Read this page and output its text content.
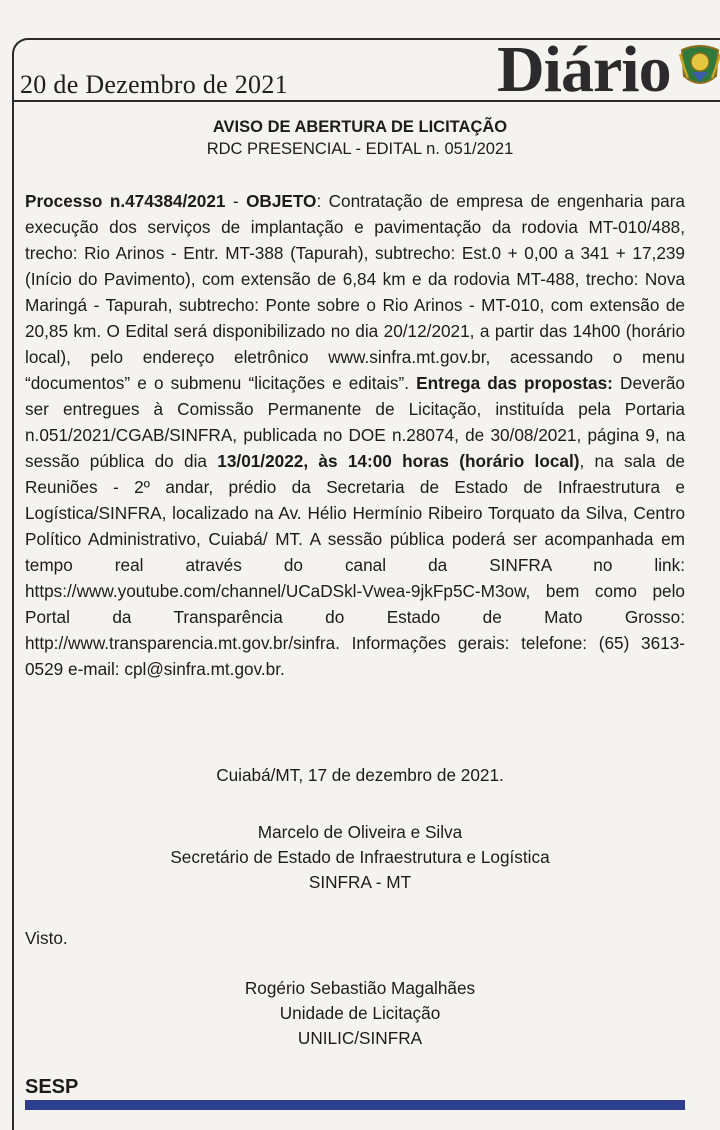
20 de Dezembro de 2021	Diário
AVISO DE ABERTURA DE LICITAÇÃO
RDC PRESENCIAL - EDITAL n. 051/2021
Processo n.474384/2021 - OBJETO: Contratação de empresa de engenharia para execução dos serviços de implantação e pavimentação da rodovia MT-010/488, trecho: Rio Arinos - Entr. MT-388 (Tapurah), subtrecho: Est.0 + 0,00 a 341 + 17,239 (Início do Pavimento), com extensão de 6,84 km e da rodovia MT-488, trecho: Nova Maringá - Tapurah, subtrecho: Ponte sobre o Rio Arinos - MT-010, com extensão de 20,85 km. O Edital será disponibilizado no dia 20/12/2021, a partir das 14h00 (horário local), pelo endereço eletrônico www.sinfra.mt.gov.br, acessando o menu “documentos” e o submenu “licitações e editais”. Entrega das propostas: Deverão ser entregues à Comissão Permanente de Licitação, instituída pela Portaria n.051/2021/CGAB/SINFRA, publicada no DOE n.28074, de 30/08/2021, página 9, na sessão pública do dia 13/01/2022, às 14:00 horas (horário local), na sala de Reuniões - 2º andar, prédio da Secretaria de Estado de Infraestrutura e Logística/SINFRA, localizado na Av. Hélio Hermínio Ribeiro Torquato da Silva, Centro Político Administrativo, Cuiabá/ MT. A sessão pública poderá ser acompanhada em tempo real através do canal da SINFRA no link: https://www.youtube.com/channel/UCaDSkl-Vwea-9jkFp5C-M3ow, bem como pelo Portal da Transparência do Estado de Mato Grosso: http://www.transparencia.mt.gov.br/sinfra. Informações gerais: telefone: (65) 3613-0529 e-mail: cpl@sinfra.mt.gov.br.
Cuiabá/MT, 17 de dezembro de 2021.
Marcelo de Oliveira e Silva
Secretário de Estado de Infraestrutura e Logística
SINFRA - MT
Visto.
Rogério Sebastião Magalhães
Unidade de Licitação
UNILIC/SINFRA
SESP
